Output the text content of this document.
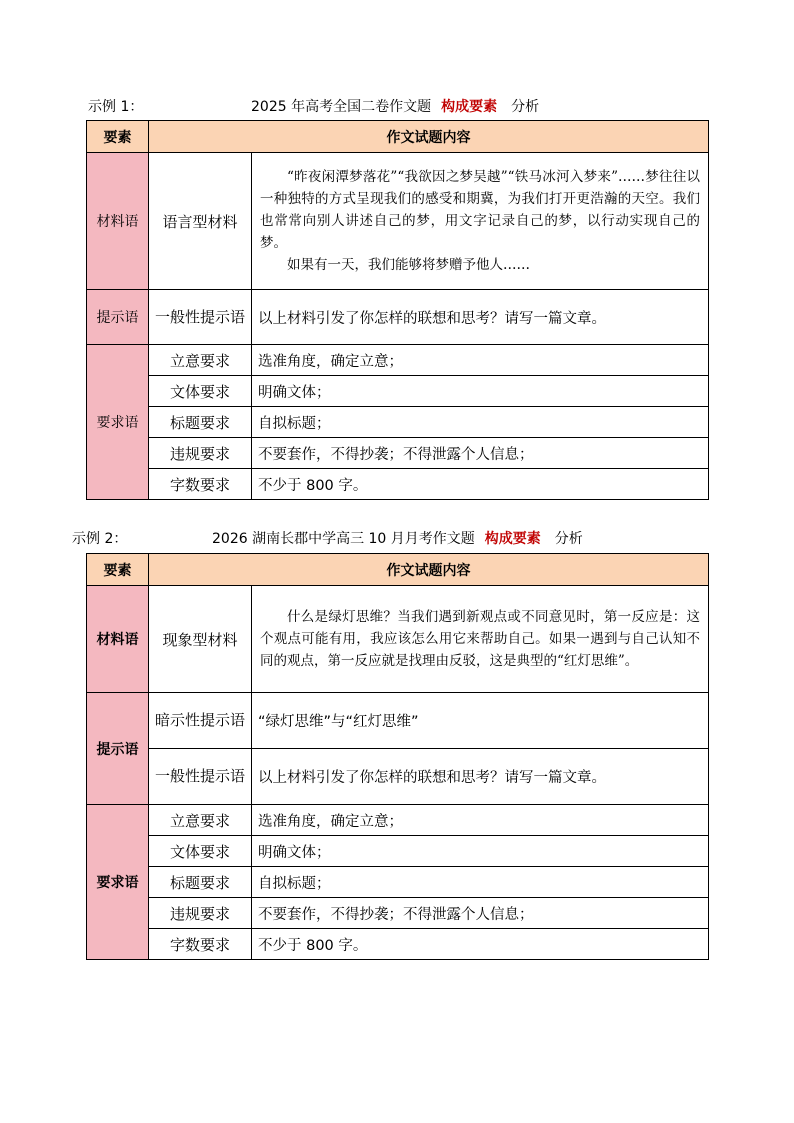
示例 1：	2025 年高考全国二卷作文题 构成要素 分析
要素	作文试题内容	
材料语	语言型材料	“昨夜闲潭梦落花”“我欲因之梦吴越”“铁马冰河入梦来”……梦往往以一种独特的方式呈现我们的感受和期冀，为我们打开更浩瀚的天空。我们也常常向别人讲述自己的梦，用文字记录自己的梦，以行动实现自己的梦。

如果有一天，我们能够将梦赠予他人……

提示语	一般性提示语	以上材料引发了你怎样的联想和思考？请写一篇文章。
要求语	立意要求	选准角度，确定立意；
	文体要求	明确文体；
	标题要求	自拟标题；
	违规要求	不要套作，不得抄袭；不得泄露个人信息；
	字数要求	不少于 800 字。
示例 2：	2026 湖南长郡中学高三 10 月月考作文题 构成要素 分析
要素	作文试题内容	
材料语	现象型材料	什么是绿灯思维？当我们遇到新观点或不同意见时，第一反应是：这个观点可能有用，我应该怎么用它来帮助自己。如果一遇到与自己认知不同的观点，第一反应就是找理由反驳，这是典型的“红灯思维”。

提示语	暗示性提示语	“绿灯思维”与“红灯思维”
	一般性提示语	以上材料引发了你怎样的联想和思考？请写一篇文章。
要求语	立意要求	选准角度，确定立意；
	文体要求	明确文体；
	标题要求	自拟标题；
	违规要求	不要套作，不得抄袭；不得泄露个人信息；
	字数要求	不少于 800 字。
